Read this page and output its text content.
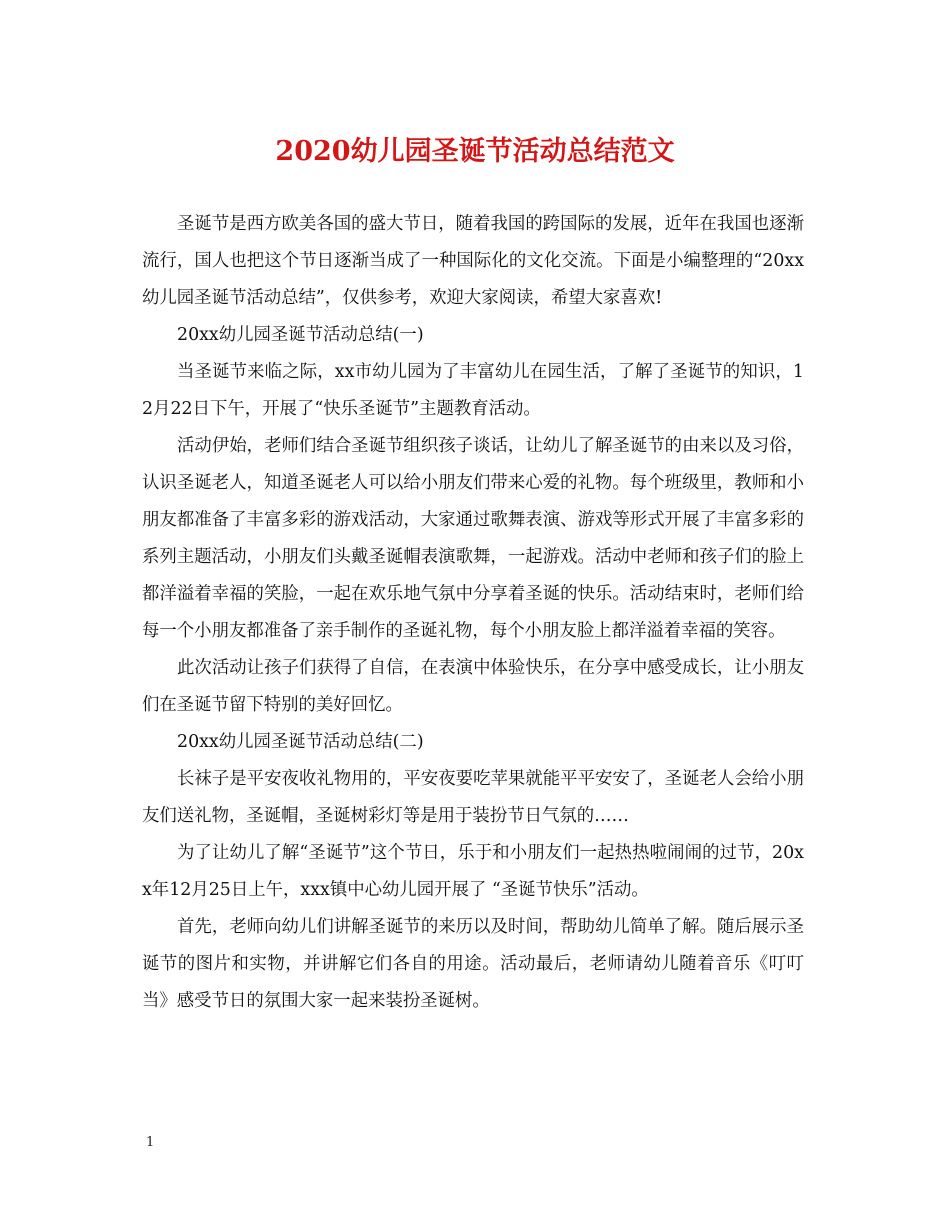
2020幼儿园圣诞节活动总结范文

圣诞节是西方欧美各国的盛大节日，随着我国的跨国际的发展，近年在我国也逐渐流行，国人也把这个节日逐渐当成了一种国际化的文化交流。下面是小编整理的“20xx幼儿园圣诞节活动总结”，仅供参考，欢迎大家阅读，希望大家喜欢!

20xx幼儿园圣诞节活动总结(一)

当圣诞节来临之际，xx市幼儿园为了丰富幼儿在园生活，了解了圣诞节的知识，12月22日下午，开展了“快乐圣诞节”主题教育活动。

活动伊始，老师们结合圣诞节组织孩子谈话，让幼儿了解圣诞节的由来以及习俗，认识圣诞老人，知道圣诞老人可以给小朋友们带来心爱的礼物。每个班级里，教师和小朋友都准备了丰富多彩的游戏活动，大家通过歌舞表演、游戏等形式开展了丰富多彩的系列主题活动，小朋友们头戴圣诞帽表演歌舞，一起游戏。活动中老师和孩子们的脸上都洋溢着幸福的笑脸，一起在欢乐地气氛中分享着圣诞的快乐。活动结束时，老师们给每一个小朋友都准备了亲手制作的圣诞礼物，每个小朋友脸上都洋溢着幸福的笑容。

此次活动让孩子们获得了自信，在表演中体验快乐，在分享中感受成长，让小朋友们在圣诞节留下特别的美好回忆。

20xx幼儿园圣诞节活动总结(二)

长袜子是平安夜收礼物用的，平安夜要吃苹果就能平平安安了，圣诞老人会给小朋友们送礼物，圣诞帽，圣诞树彩灯等是用于装扮节日气氛的……

为了让幼儿了解“圣诞节”这个节日，乐于和小朋友们一起热热啦闹闹的过节，20xx年12月25日上午，xxx镇中心幼儿园开展了 “圣诞节快乐”活动。

首先，老师向幼儿们讲解圣诞节的来历以及时间，帮助幼儿简单了解。随后展示圣诞节的图片和实物，并讲解它们各自的用途。活动最后，老师请幼儿随着音乐《叮叮当》感受节日的氛围大家一起来装扮圣诞树。

1
